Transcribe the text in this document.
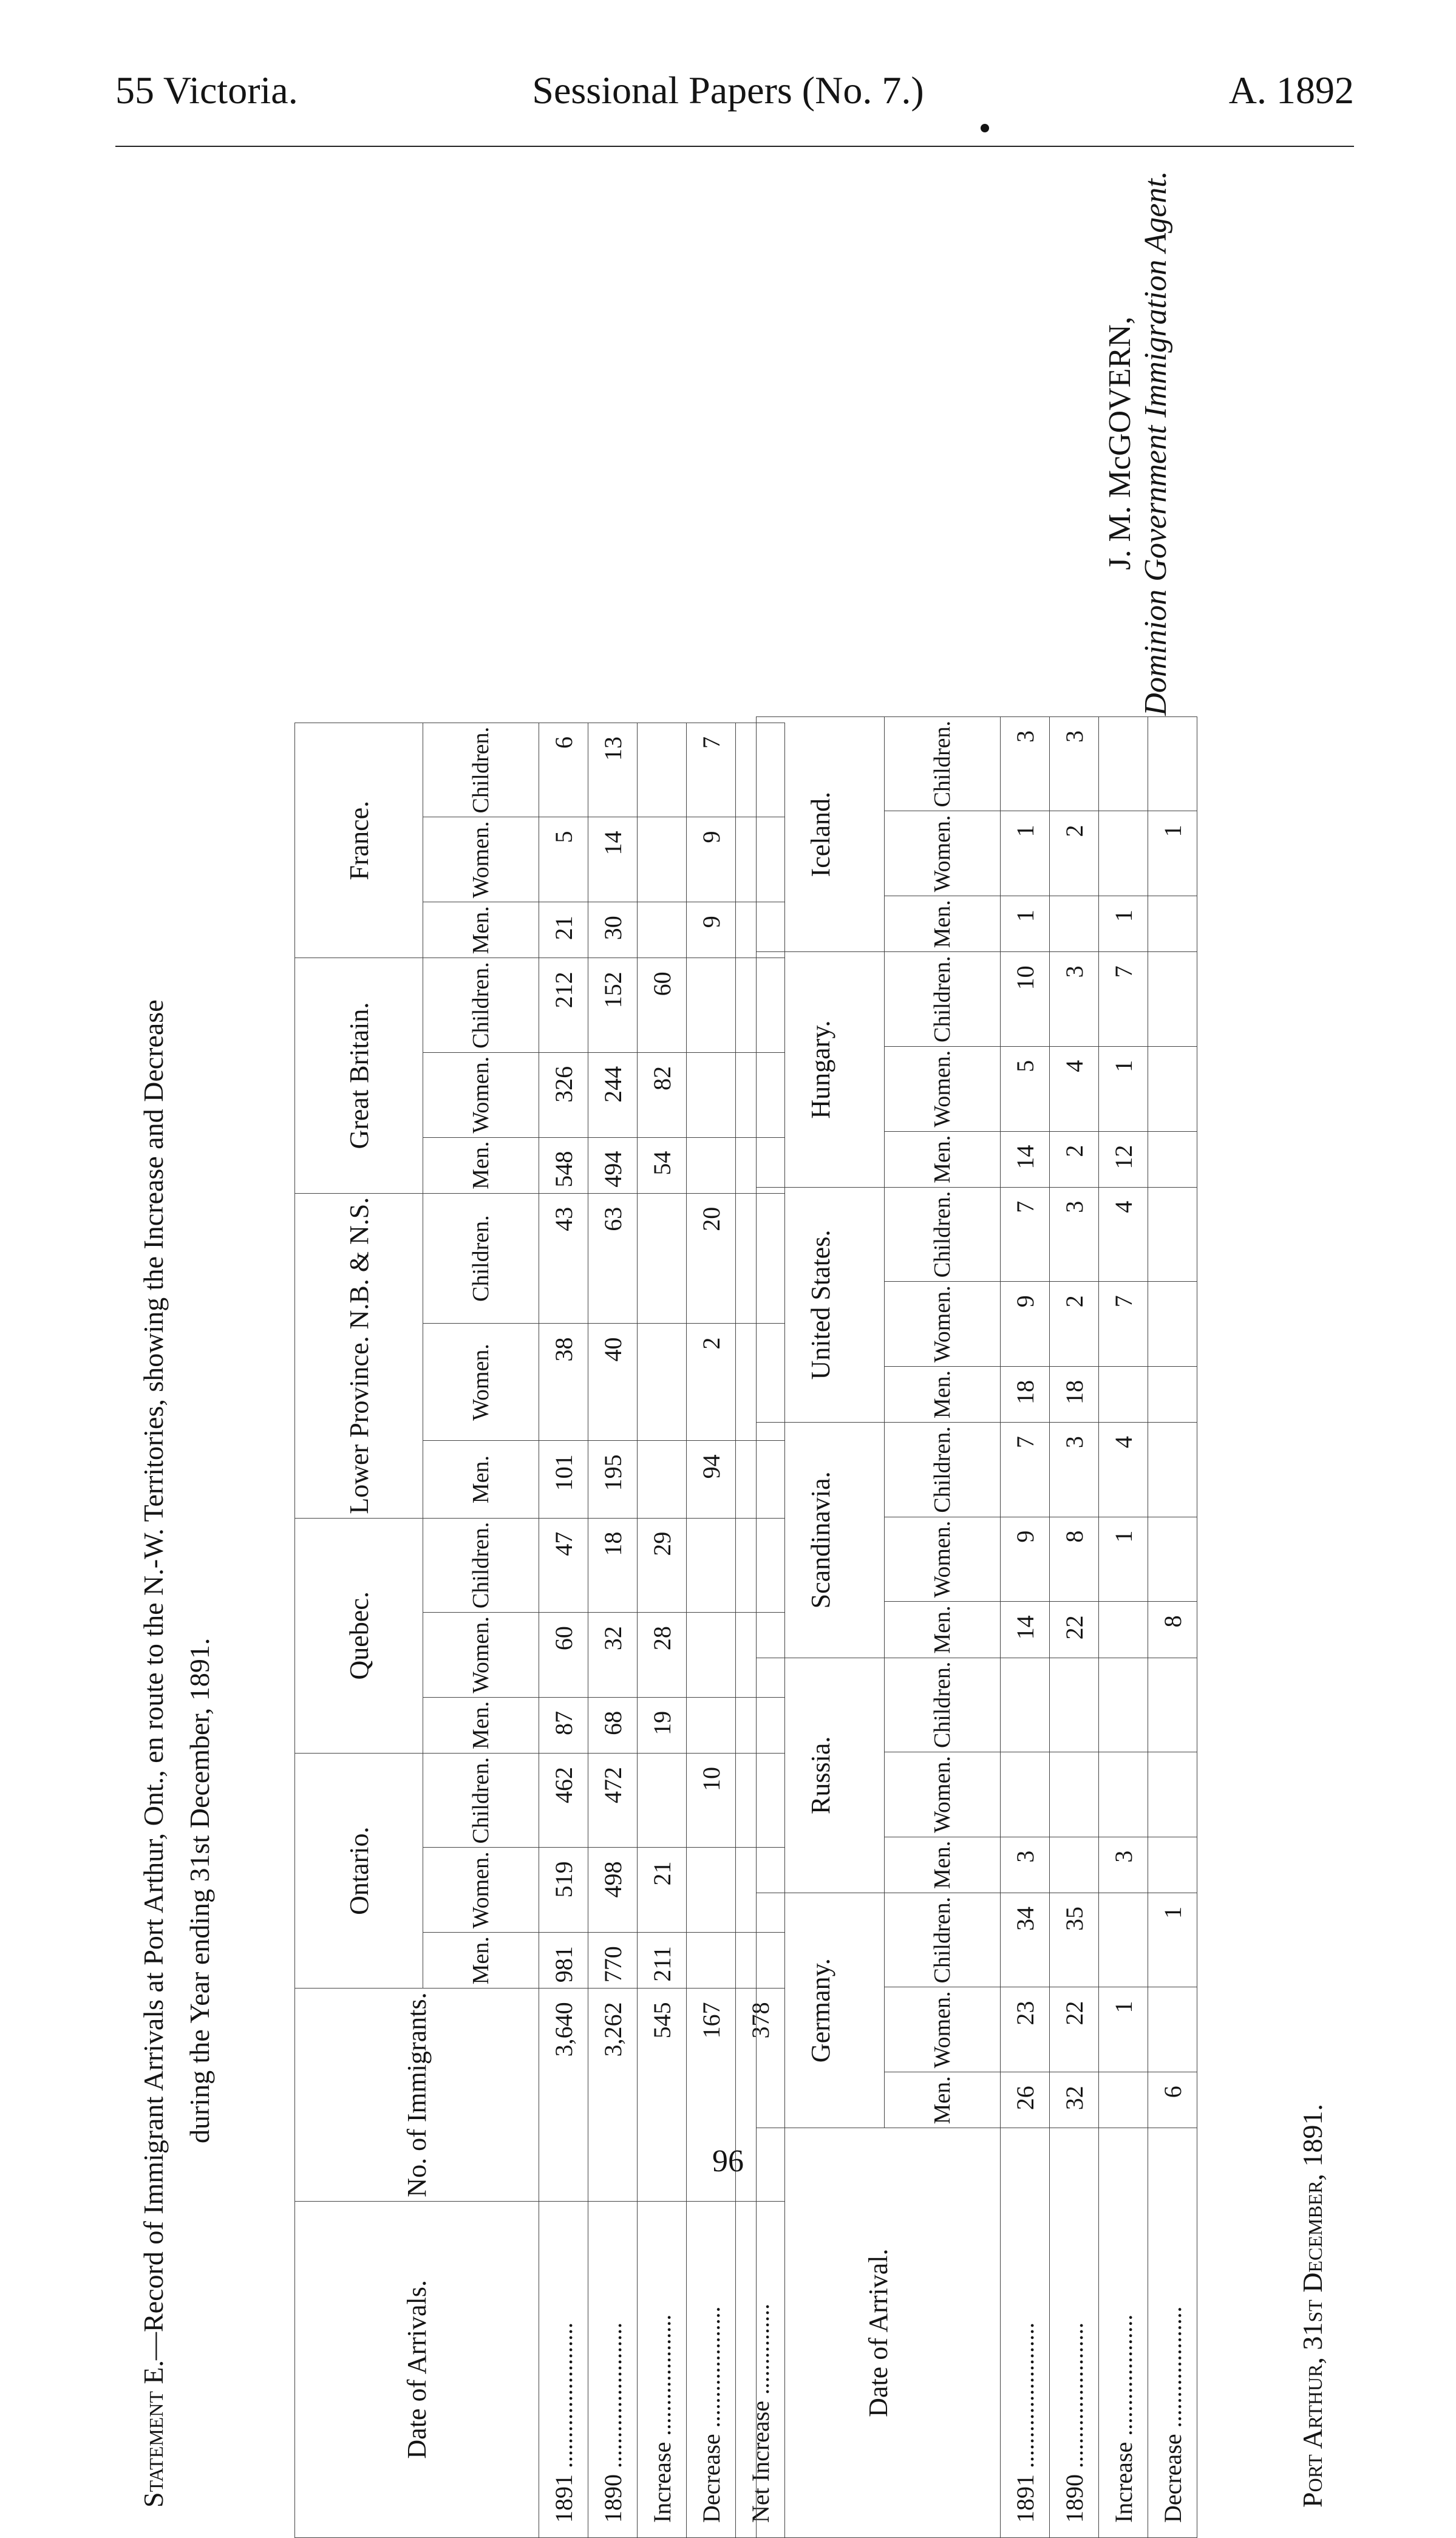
55 Victoria.	Sessional Papers (No. 7.)	A. 1892
Statement E.—Record of Immigrant Arrivals at Port Arthur, Ont., en route to the N.-W. Territories, showing the Increase and Decrease during the Year ending 31st December, 1891.
Date of Arrivals.	No. of Immigrants.	Ontario.			Quebec.			Lower Province. N.B. & N.S.			Great Britain.			France.		
		Men.	Women.	Children.	Men.	Women.	Children.	Men.	Women.	Children.	Men.	Women.	Children.	Men.	Women.	Children.
1891 ........................	3,640	981	519	462	87	60	47	101	38	43	548	326	212	21	5	6
1890 ........................	3,262	770	498	472	68	32	18	195	40	63	494	244	152	30	14	13
Increase ....................	545	211	21		19	28	29				54	82	60			
Decrease ....................	167			10				94	2	20				9	9	7
Net Increase ...............	378															
Date of Arrival.	Germany.			Russia.			Scandinavia.			United States.			Hungary.			Iceland.		
	Men.	Women.	Children.	Men.	Women.	Children.	Men.	Women.	Children.	Men.	Women.	Children.	Men.	Women.	Children.	Men.	Women.	Children.
1891 ........................	26	23	34	3			14	9	7	18	9	7	14	5	10	1	1	3
1890 ........................	32	22	35				22	8	3	18	2	3	2	4	3		2	3
Increase ....................		1		3				1	4		7	4	12	1	7	1		
Decrease ....................	6		1				8										1	
J. M. McGOVERN, Dominion Government Immigration Agent.
Port Arthur, 31st December, 1891.
96
